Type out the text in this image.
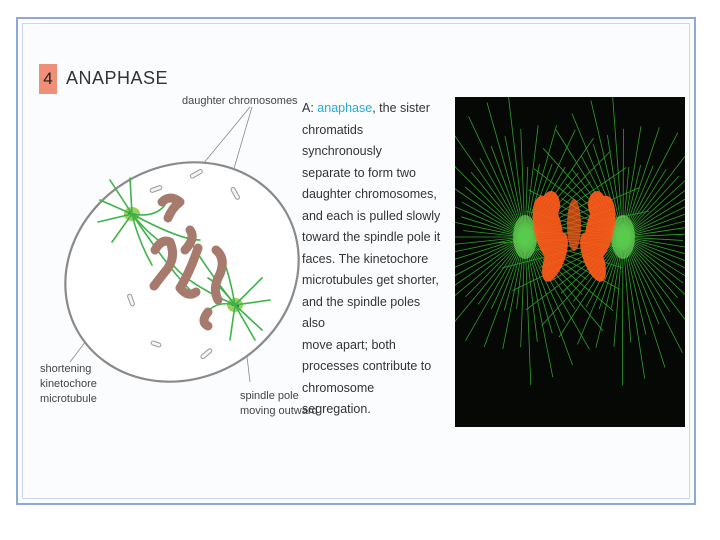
4 ANAPHASE
daughter chromosomes
shortening
kinetochore
microtubule	spindle pole
moving outward
A: anaphase, the sister
chromatids synchronously
separate to form two
daughter chromosomes,
and each is pulled slowly
toward the spindle pole it
faces. The kinetochore
microtubules get shorter,
and the spindle poles also
move apart; both
processes contribute to
chromosome segregation.
